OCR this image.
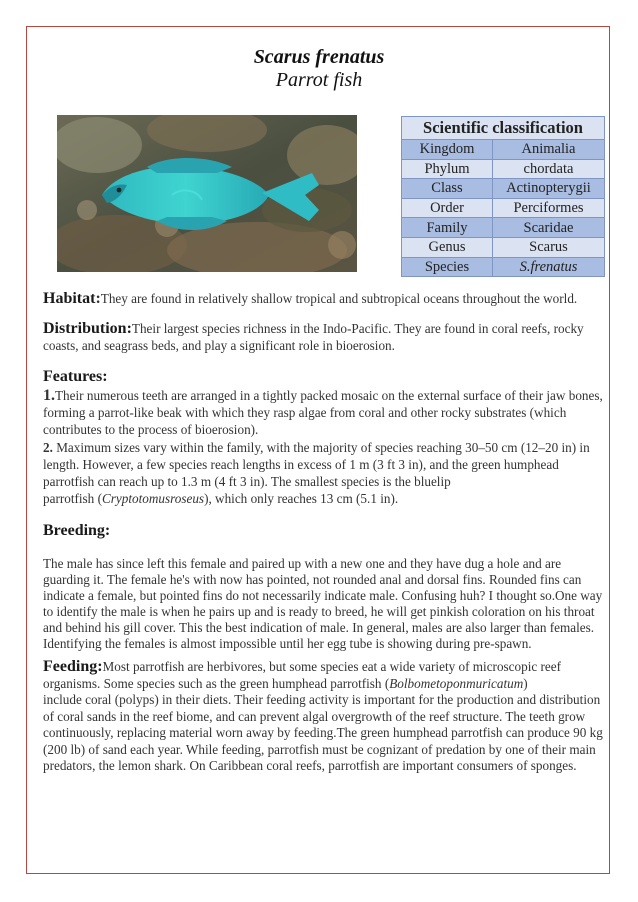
Scarus frenatus
Parrot fish
Scientific classification	
Kingdom	Animalia
Phylum	chordata
Class	Actinopterygii
Order	Perciformes
Family	Scaridae
Genus	Scarus
Species	S.frenatus
Habitat:They are found in relatively shallow tropical and subtropical oceans throughout the world.
Distribution:Their largest species richness in the Indo-Pacific. They are found in coral reefs, rocky coasts, and seagrass beds, and play a significant role in bioerosion.
Features:
1.Their numerous teeth are arranged in a tightly packed mosaic on the external surface of their jaw bones, forming a parrot-like beak with which they rasp algae from coral and other rocky substrates (which contributes to the process of bioerosion).
2. Maximum sizes vary within the family, with the majority of species reaching 30–50 cm (12–20 in) in length. However, a few species reach lengths in excess of 1 m (3 ft 3 in), and the green humphead parrotfish can reach up to 1.3 m (4 ft 3 in). The smallest species is the bluelip
parrotfish (Cryptotomusroseus), which only reaches 13 cm (5.1 in).
Breeding:
The male has since left this female and paired up with a new one and they have dug a hole and are guarding it. The female he's with now has pointed, not rounded anal and dorsal fins. Rounded fins can indicate a female, but pointed fins do not necessarily indicate male. Confusing huh? I thought so.One way to identify the male is when he pairs up and is ready to breed, he will get pinkish coloration on his throat and behind his gill cover. This the best indication of male. In general, males are also larger than females. Identifying the females is almost impossible until her egg tube is showing during pre-spawn.
Feeding:Most parrotfish are herbivores, but some species eat a wide variety of microscopic reef organisms. Some species such as the green humphead parrotfish (Bolbometoponmuricatum)
include coral (polyps) in their diets. Their feeding activity is important for the production and distribution of coral sands in the reef biome, and can prevent algal overgrowth of the reef structure. The teeth grow continuously, replacing material worn away by feeding.The green humphead parrotfish can produce 90 kg (200 lb) of sand each year. While feeding, parrotfish must be cognizant of predation by one of their main predators, the lemon shark. On Caribbean coral reefs, parrotfish are important consumers of sponges.
